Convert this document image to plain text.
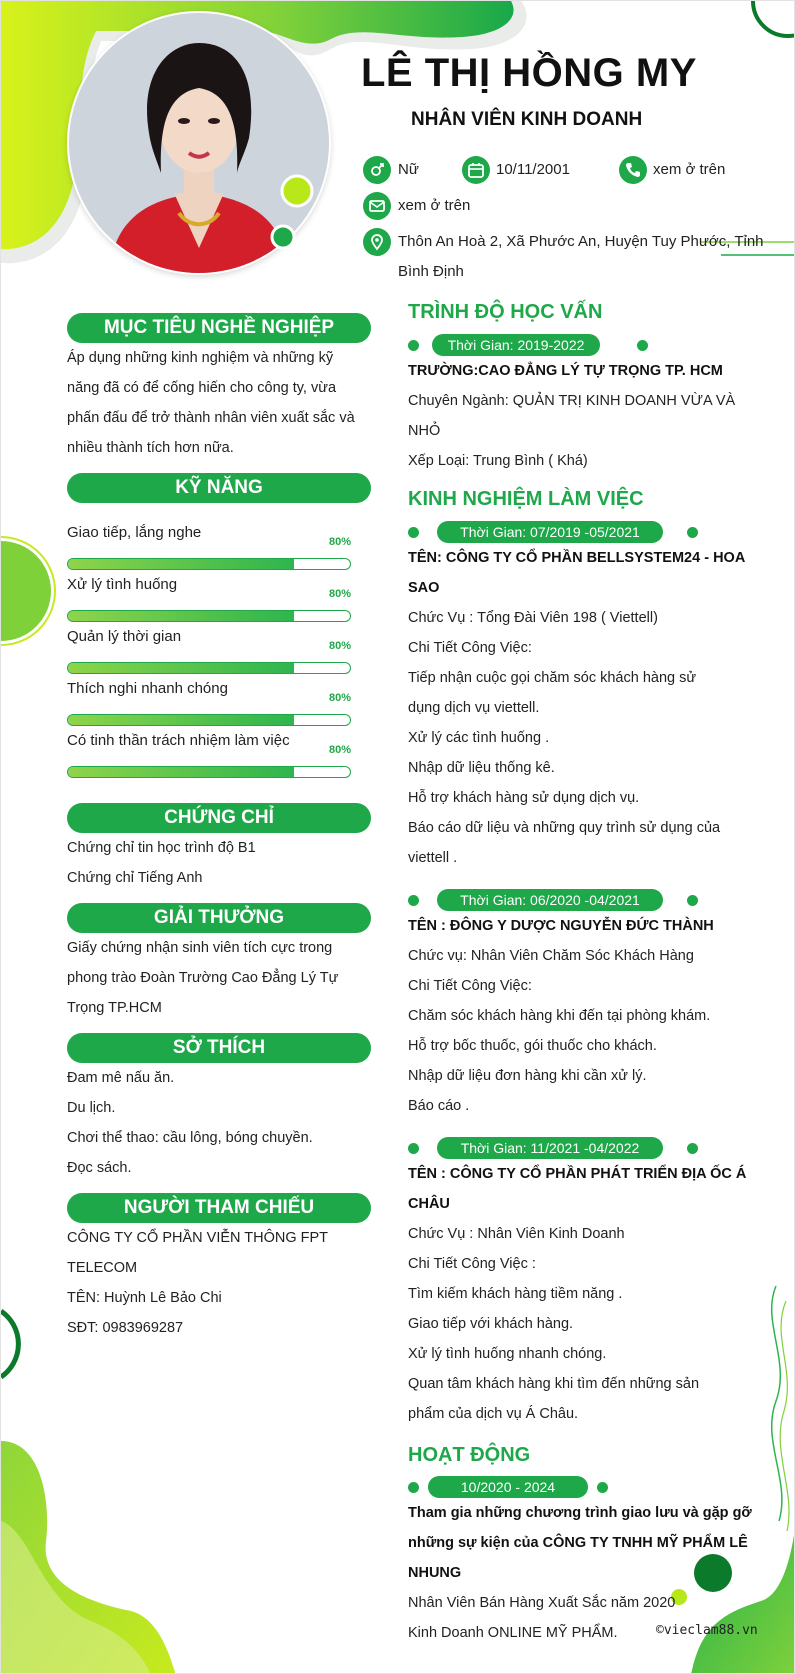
LÊ THỊ HỒNG MY
NHÂN VIÊN KINH DOANH
Nữ	10/11/2001	xem ở trên
xem ở trên
Thôn An Hoà 2, Xã Phước An, Huyện Tuy Phước, Tỉnh
Bình Định
MỤC TIÊU NGHỀ NGHIỆP

Áp dụng những kinh nghiệm và những kỹ

năng đã có để cống hiến cho công ty, vừa

phấn đấu để trở thành nhân viên xuất sắc và

nhiều thành tích hơn nữa.

KỸ NĂNG
Giao tiếp, lắng nghe
80%
Xử lý tình huống
80%
Quản lý thời gian
80%
Thích nghi nhanh chóng
80%
Có tinh thần trách nhiệm làm việc
80%
CHỨNG CHỈ

Chứng chỉ tin học trình độ B1

Chứng chỉ Tiếng Anh

GIẢI THƯỞNG

Giấy chứng nhận sinh viên tích cực trong

phong trào Đoàn Trường Cao Đẳng Lý Tự

Trọng TP.HCM

SỞ THÍCH

Đam mê nấu ăn.

Du lịch.

Chơi thể thao: cầu lông, bóng chuyền.

Đọc sách.

NGƯỜI THAM CHIẾU

CÔNG TY CỔ PHẦN VIỄN THÔNG FPT

TELECOM

TÊN: Huỳnh Lê Bảo Chi

SĐT: 0983969287

TRÌNH ĐỘ HỌC VẤN
Thời Gian: 2019-2022

TRƯỜNG:CAO ĐẲNG LÝ TỰ TRỌNG TP. HCM

Chuyên Ngành: QUẢN TRỊ KINH DOANH VỪA VÀ

NHỎ

Xếp Loại: Trung Bình ( Khá)

KINH NGHIỆM LÀM VIỆC
Thời Gian: 07/2019 -05/2021

TÊN: CÔNG TY CỔ PHẦN BELLSYSTEM24 - HOA

SAO

Chức Vụ : Tổng Đài Viên 198 ( Viettell)

Chi Tiết Công Việc:

Tiếp nhận cuộc gọi chăm sóc khách hàng sử

dụng dịch vụ viettell.

Xử lý các tình huống .

Nhập dữ liệu thống kê.

Hỗ trợ khách hàng sử dụng dịch vụ.

Báo cáo dữ liệu và những quy trình sử dụng của

viettell .

Thời Gian: 06/2020 -04/2021

TÊN : ĐÔNG Y DƯỢC NGUYỄN ĐỨC THÀNH

Chức vụ: Nhân Viên Chăm Sóc Khách Hàng

Chi Tiết Công Việc:

Chăm sóc khách hàng khi đến tại phòng khám.

Hỗ trợ bốc thuốc, gói thuốc cho khách.

Nhập dữ liệu đơn hàng khi cần xử lý.

Báo cáo .

Thời Gian: 11/2021 -04/2022

TÊN : CÔNG TY CỔ PHẦN PHÁT TRIỂN ĐỊA ỐC Á

CHÂU

Chức Vụ : Nhân Viên Kinh Doanh

Chi Tiết Công Việc :

Tìm kiếm khách hàng tiềm năng .

Giao tiếp với khách hàng.

Xử lý tình huống nhanh chóng.

Quan tâm khách hàng khi tìm đến những sản

phẩm của dịch vụ Á Châu.

HOẠT ĐỘNG
10/2020 - 2024

Tham gia những chương trình giao lưu và gặp gỡ

những sự kiện của CÔNG TY TNHH MỸ PHẨM LÊ

NHUNG

Nhân Viên Bán Hàng Xuất Sắc năm 2020

Kinh Doanh ONLINE MỸ PHẨM.	©vieclam88.vn
